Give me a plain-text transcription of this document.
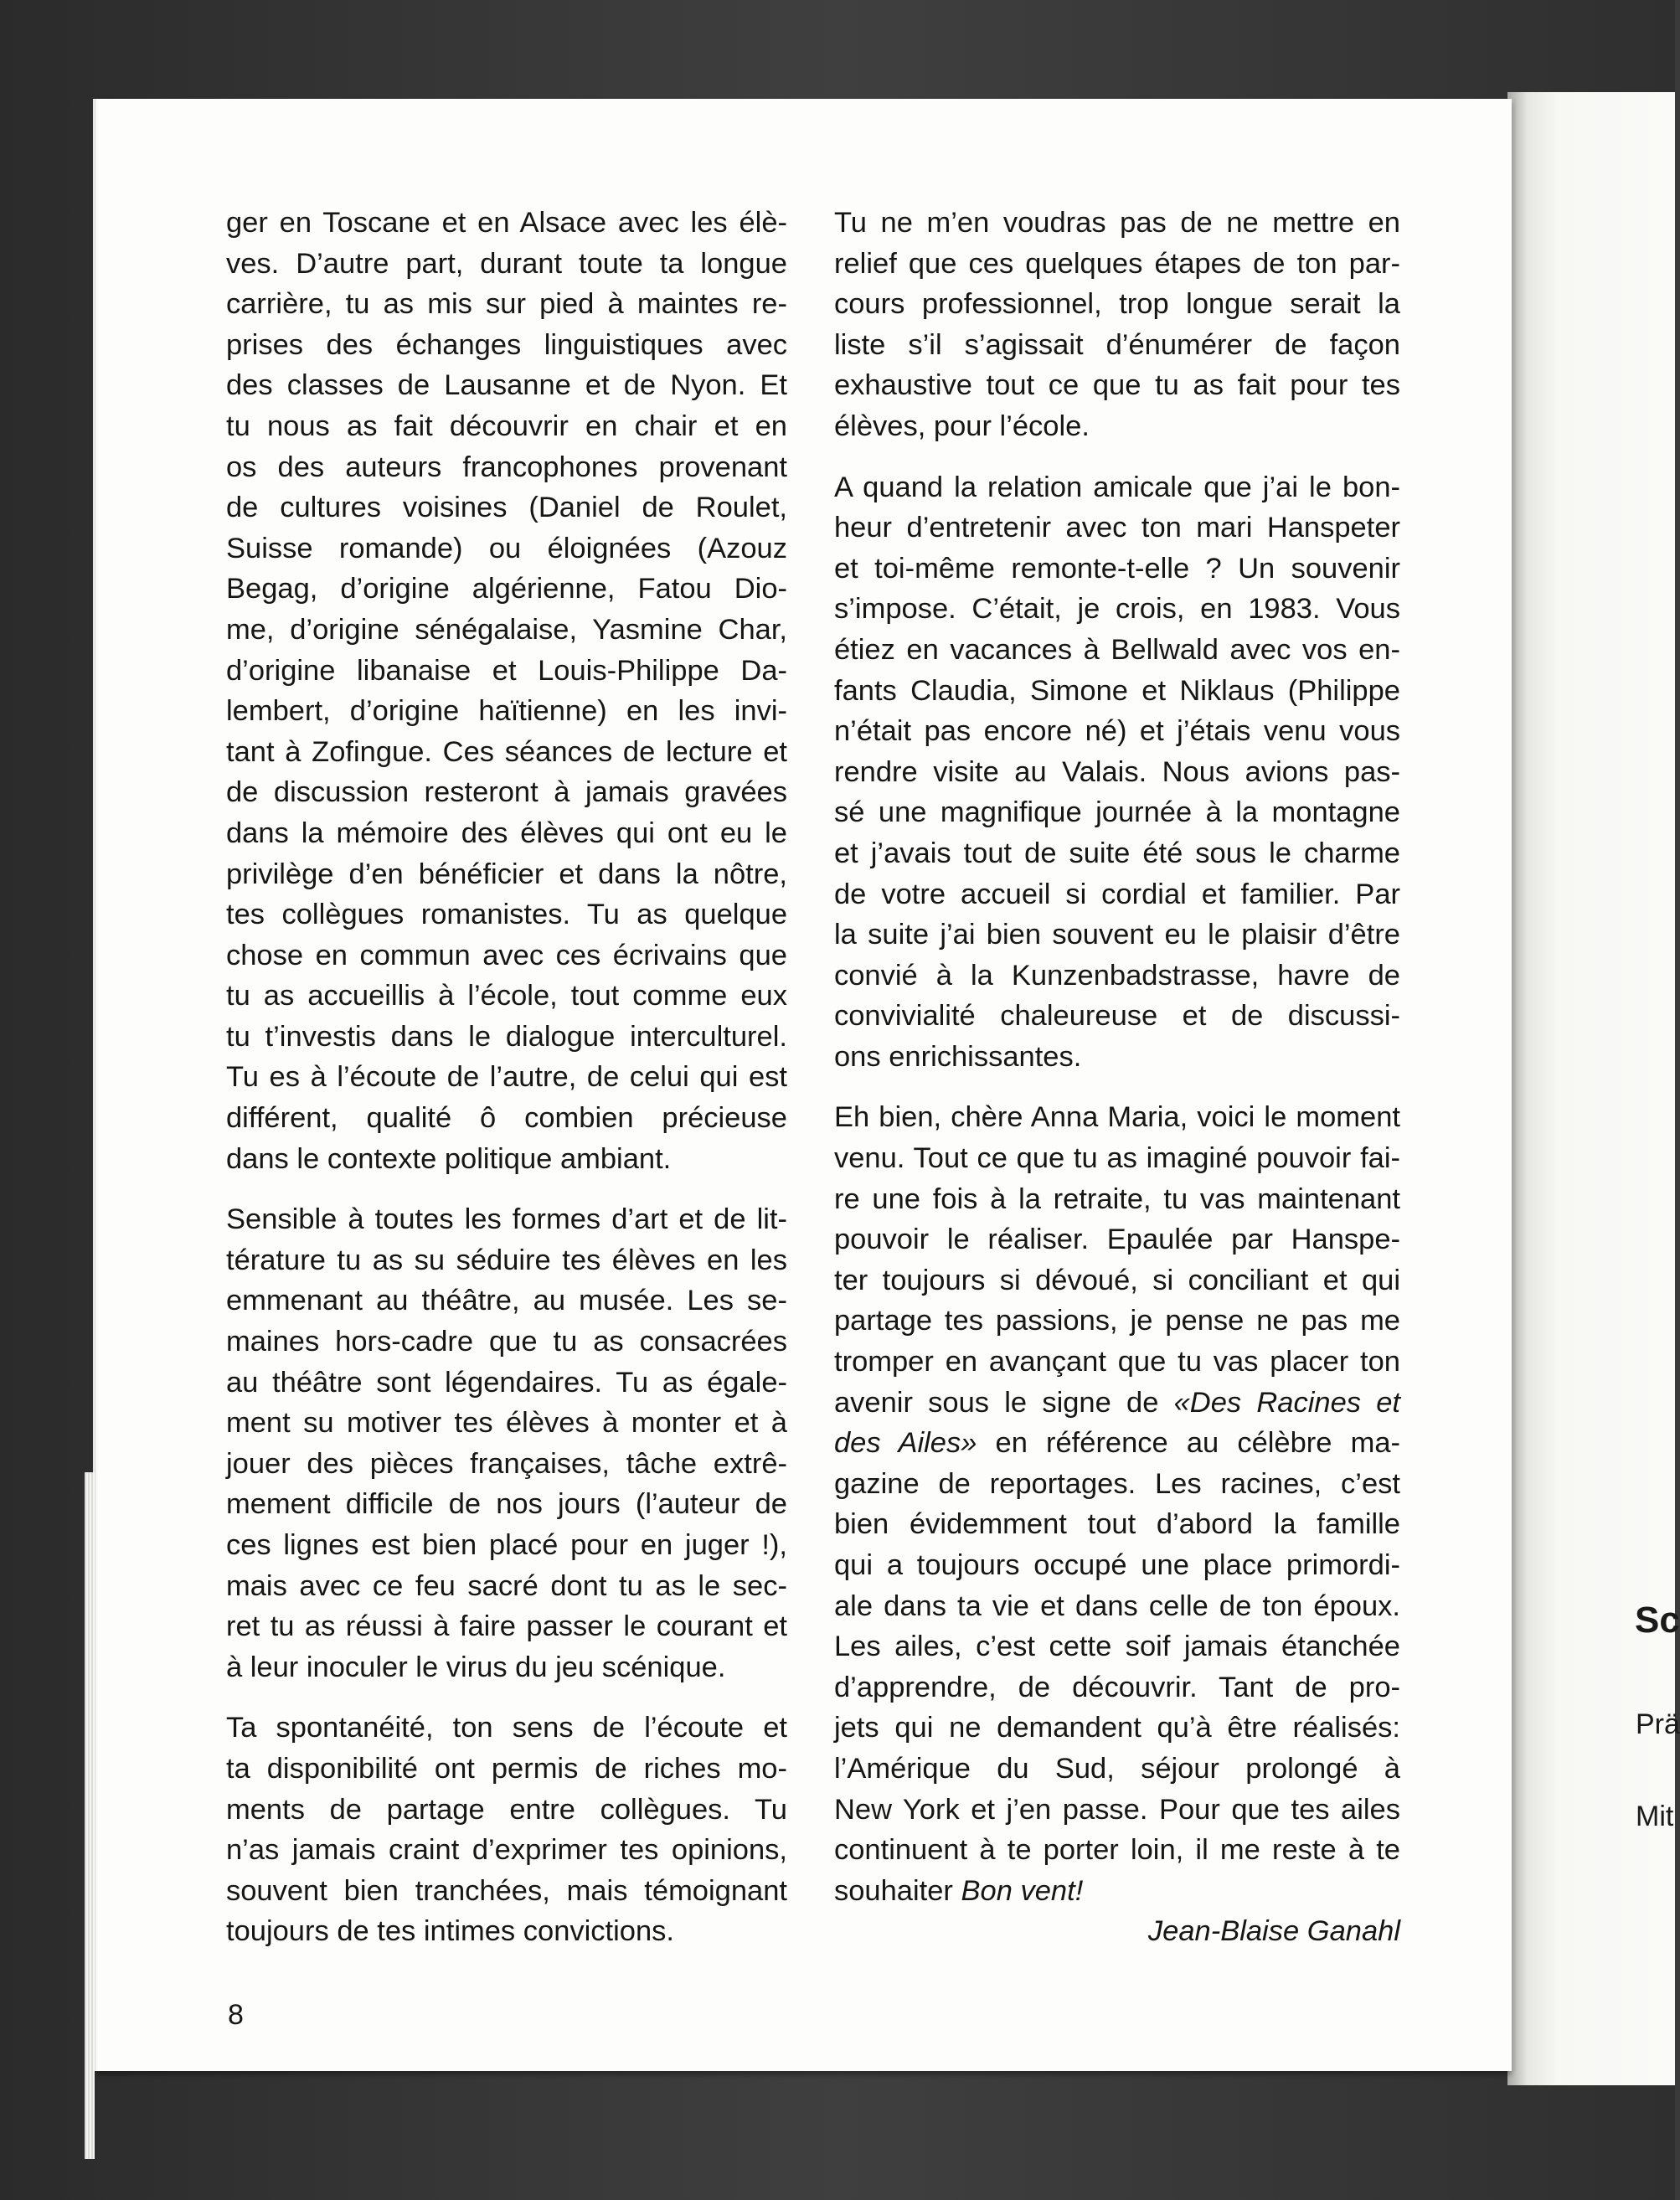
Sc
Prä
Mit

ger en Toscane et en Alsace avec les élè-
ves. D’autre part, durant toute ta longue
carrière, tu as mis sur pied à maintes re-
prises des échanges linguistiques avec
des classes de Lausanne et de Nyon. Et
tu nous as fait découvrir en chair et en
os des auteurs francophones provenant
de cultures voisines (Daniel de Roulet,
Suisse romande) ou éloignées (Azouz
Begag, d’origine algérienne, Fatou Dio-
me, d’origine sénégalaise, Yasmine Char,
d’origine libanaise et Louis-Philippe Da-
lembert, d’origine haïtienne) en les invi-
tant à Zofingue. Ces séances de lecture et
de discussion resteront à jamais gravées
dans la mémoire des élèves qui ont eu le
privilège d’en bénéficier et dans la nôtre,
tes collègues romanistes. Tu as quelque
chose en commun avec ces écrivains que
tu as accueillis à l’école, tout comme eux
tu t’investis dans le dialogue interculturel.
Tu es à l’écoute de l’autre, de celui qui est
différent, qualité ô combien précieuse
dans le contexte politique ambiant.

Sensible à toutes les formes d’art et de lit-
térature tu as su séduire tes élèves en les
emmenant au théâtre, au musée. Les se-
maines hors-cadre que tu as consacrées
au théâtre sont légendaires. Tu as égale-
ment su motiver tes élèves à monter et à
jouer des pièces françaises, tâche extrê-
mement difficile de nos jours (l’auteur de
ces lignes est bien placé pour en juger !),
mais avec ce feu sacré dont tu as le sec-
ret tu as réussi à faire passer le courant et
à leur inoculer le virus du jeu scénique.

Ta spontanéité, ton sens de l’écoute et
ta disponibilité ont permis de riches mo-
ments de partage entre collègues. Tu
n’as jamais craint d’exprimer tes opinions,
souvent bien tranchées, mais témoignant
toujours de tes intimes convictions.

Tu ne m’en voudras pas de ne mettre en
relief que ces quelques étapes de ton par-
cours professionnel, trop longue serait la
liste s’il s’agissait d’énumérer de façon
exhaustive tout ce que tu as fait pour tes
élèves, pour l’école.

A quand la relation amicale que j’ai le bon-
heur d’entretenir avec ton mari Hanspeter
et toi-même remonte-t-elle ? Un souvenir
s’impose. C’était, je crois, en 1983. Vous
étiez en vacances à Bellwald avec vos en-
fants Claudia, Simone et Niklaus (Philippe
n’était pas encore né) et j’étais venu vous
rendre visite au Valais. Nous avions pas-
sé une magnifique journée à la montagne
et j’avais tout de suite été sous le charme
de votre accueil si cordial et familier. Par
la suite j’ai bien souvent eu le plaisir d’être
convié à la Kunzenbadstrasse, havre de
convivialité chaleureuse et de discussi-
ons enrichissantes.

Eh bien, chère Anna Maria, voici le moment
venu. Tout ce que tu as imaginé pouvoir fai-
re une fois à la retraite, tu vas maintenant
pouvoir le réaliser. Epaulée par Hanspe-
ter toujours si dévoué, si conciliant et qui
partage tes passions, je pense ne pas me
tromper en avançant que tu vas placer ton
avenir sous le signe de «Des Racines et
des Ailes» en référence au célèbre ma-
gazine de reportages. Les racines, c’est
bien évidemment tout d’abord la famille
qui a toujours occupé une place primordi-
ale dans ta vie et dans celle de ton époux.
Les ailes, c’est cette soif jamais étanchée
d’apprendre, de découvrir. Tant de pro-
jets qui ne demandent qu’à être réalisés:
l’Amérique du Sud, séjour prolongé à
New York et j’en passe. Pour que tes ailes
continuent à te porter loin, il me reste à te
souhaiter Bon vent!

Jean-Blaise Ganahl
8
